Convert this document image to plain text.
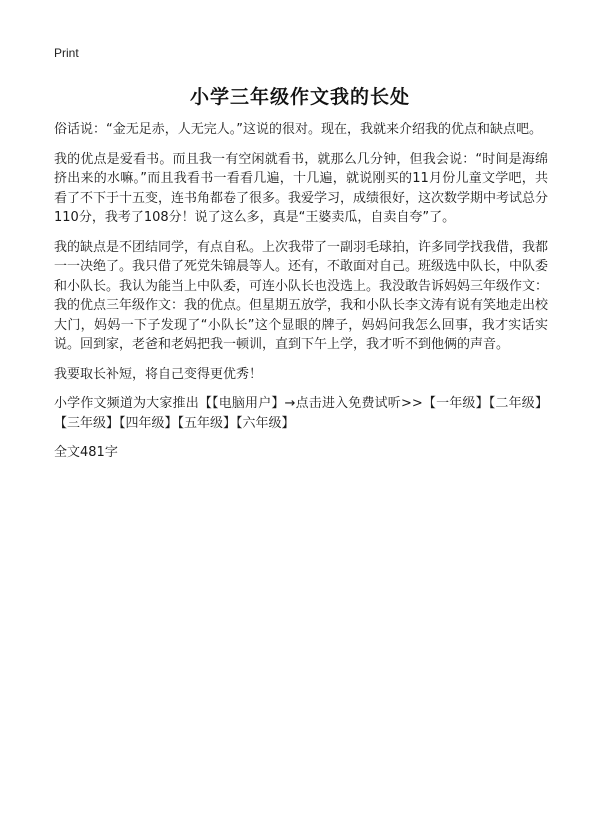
Print
小学三年级作文我的长处

俗话说：“金无足赤，人无完人。”这说的很对。现在，我就来介绍我的优点和缺点吧。

我的优点是爱看书。而且我一有空闲就看书，就那么几分钟，但我会说：“时间是海绵挤出来的水嘛。”而且我看书一看看几遍，十几遍，就说刚买的11月份儿童文学吧，共看了不下于十五变，连书角都卷了很多。我爱学习，成绩很好，这次数学期中考试总分110分，我考了108分！说了这么多，真是“王婆卖瓜，自卖自夸”了。

我的缺点是不团结同学，有点自私。上次我带了一副羽毛球拍，许多同学找我借，我都一一决绝了。我只借了死党朱锦晨等人。还有，不敢面对自己。班级选中队长，中队委和小队长。我认为能当上中队委，可连小队长也没选上。我没敢告诉妈妈三年级作文：我的优点三年级作文：我的优点。但星期五放学，我和小队长李文涛有说有笑地走出校大门，妈妈一下子发现了“小队长”这个显眼的牌子，妈妈问我怎么回事，我才实话实说。回到家，老爸和老妈把我一顿训，直到下午上学，我才听不到他俩的声音。

我要取长补短，将自己变得更优秀！

小学作文频道为大家推出【【电脑用户】→点击进入免费试听>>【一年级】【二年级】【三年级】【四年级】【五年级】【六年级】

全文481字
